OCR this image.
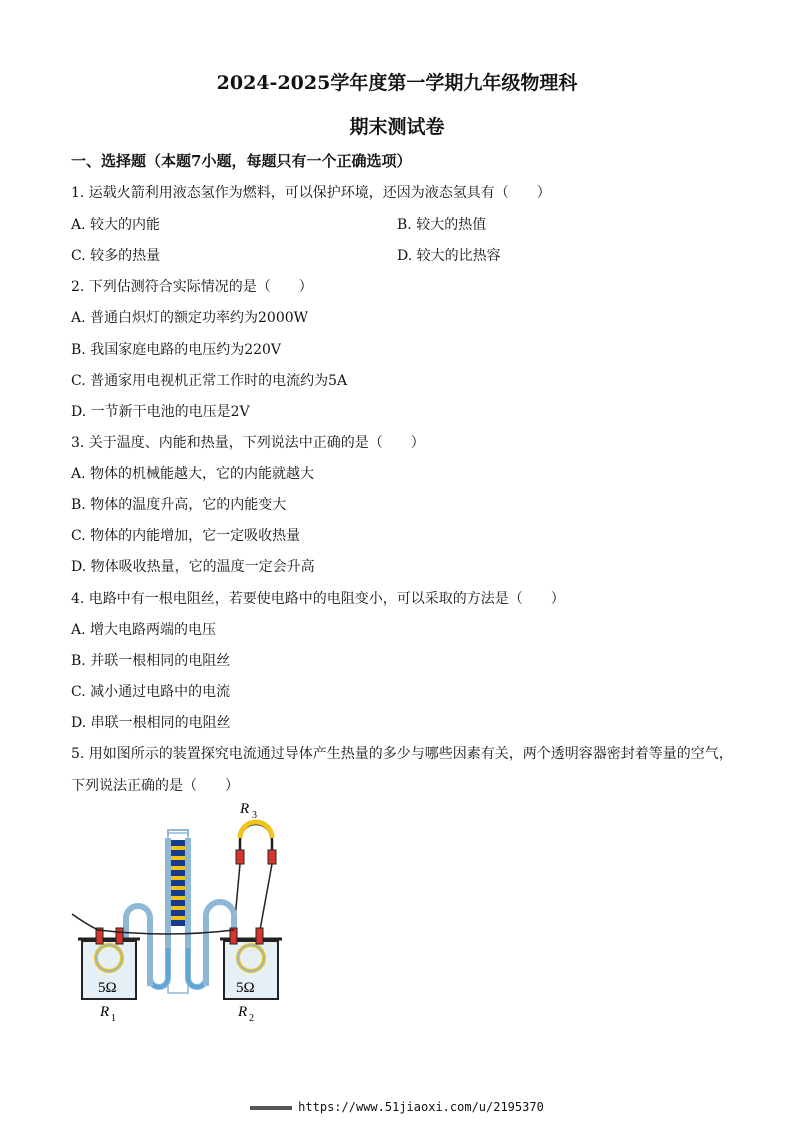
2024-2025学年度第一学期九年级物理科
期末测试卷
一、选择题（本题7小题，每题只有一个正确选项）
1. 运载火箭利用液态氢作为燃料，可以保护环境，还因为液态氢具有（　　）
A. 较大的内能	B. 较大的热值
C. 较多的热量	D. 较大的比热容
2. 下列估测符合实际情况的是（　　）
A. 普通白炽灯的额定功率约为2000W
B. 我国家庭电路的电压约为220V
C. 普通家用电视机正常工作时的电流约为5A
D. 一节新干电池的电压是2V
3. 关于温度、内能和热量，下列说法中正确的是（　　）
A. 物体的机械能越大，它的内能就越大
B. 物体的温度升高，它的内能变大
C. 物体的内能增加，它一定吸收热量
D. 物体吸收热量，它的温度一定会升高
4. 电路中有一根电阻丝，若要使电路中的电阻变小，可以采取的方法是（　　）
A. 增大电路两端的电压
B. 并联一根相同的电阻丝
C. 减小通过电路中的电流
D. 串联一根相同的电阻丝
5. 用如图所示的装置探究电流通过导体产生热量的多少与哪些因素有关，两个透明容器密封着等量的空气，
下列说法正确的是（　　）
R 3
5Ω	5Ω
R 1	R 2
https://www.51jiaoxi.com/u/2195370
